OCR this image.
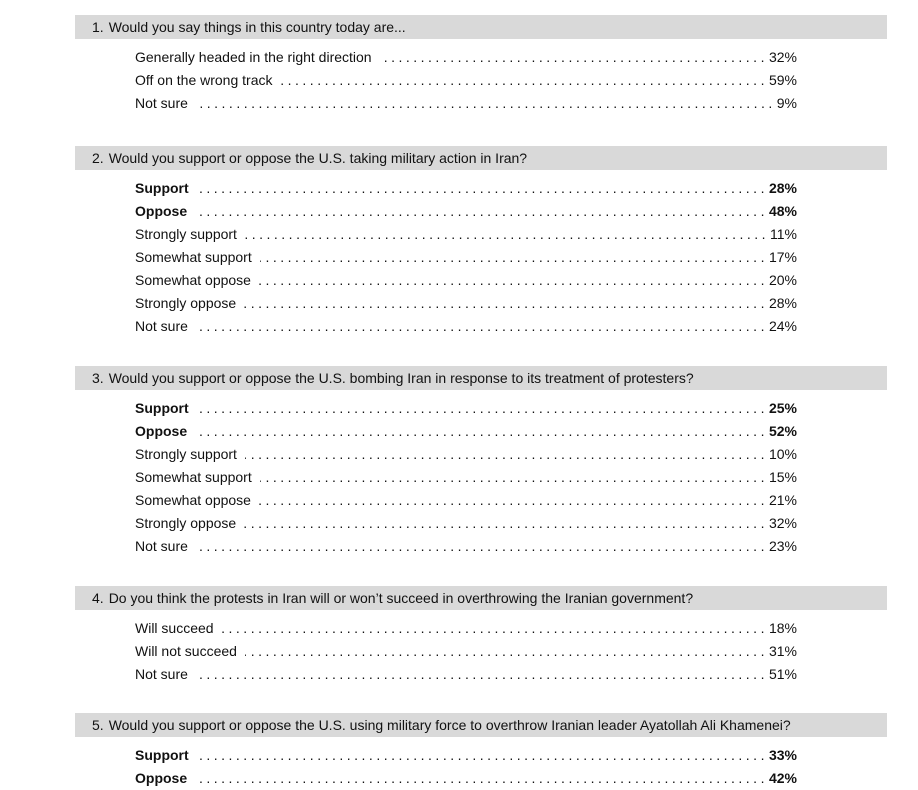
1. Would you say things in this country today are...
Generally headed in the right direction .....	32%
Off on the wrong track .....	59%
Not sure .....	9%
2. Would you support or oppose the U.S. taking military action in Iran?
Support .....	28%
Oppose .....	48%
Strongly support .....	11%
Somewhat support .....	17%
Somewhat oppose .....	20%
Strongly oppose .....	28%
Not sure .....	24%
3. Would you support or oppose the U.S. bombing Iran in response to its treatment of protesters?
Support .....	25%
Oppose .....	52%
Strongly support .....	10%
Somewhat support .....	15%
Somewhat oppose .....	21%
Strongly oppose .....	32%
Not sure .....	23%
4. Do you think the protests in Iran will or won’t succeed in overthrowing the Iranian government?
Will succeed .....	18%
Will not succeed .....	31%
Not sure .....	51%
5. Would you support or oppose the U.S. using military force to overthrow Iranian leader Ayatollah Ali Khamenei?
Support .....	33%
Oppose .....	42%
